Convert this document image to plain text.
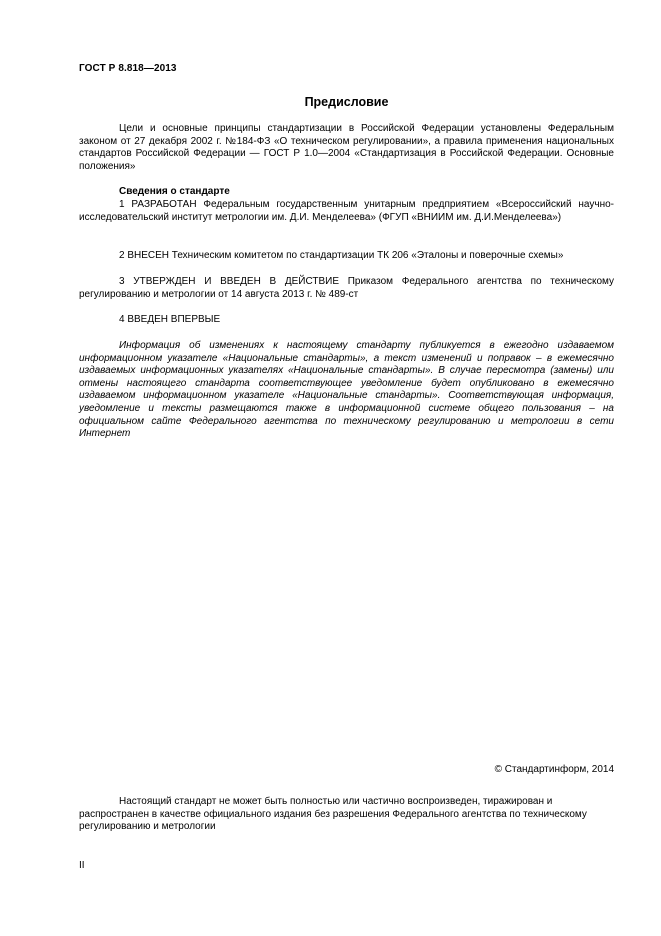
ГОСТ Р 8.818—2013
Предисловие

Цели и основные принципы стандартизации в Российской Федерации установлены Федеральным законом от 27 декабря 2002 г. №184-ФЗ «О техническом регулировании», а правила применения национальных стандартов Российской Федерации — ГОСТ Р 1.0—2004 «Стандартизация в Российской Федерации. Основные положения»

Сведения о стандарте

1 РАЗРАБОТАН Федеральным государственным унитарным предприятием «Всероссийский научно-исследовательский институт метрологии им. Д.И. Менделеева» (ФГУП «ВНИИМ им. Д.И.Менделеева»)

2 ВНЕСЕН Техническим комитетом по стандартизации ТК 206 «Эталоны и поверочные схемы»

3 УТВЕРЖДЕН И ВВЕДЕН В ДЕЙСТВИЕ Приказом Федерального агентства по техническому регулированию и метрологии от 14 августа 2013 г. № 489-ст

4 ВВЕДЕН ВПЕРВЫЕ

Информация об изменениях к настоящему стандарту публикуется в ежегодно издаваемом информационном указателе «Национальные стандарты», а текст изменений и поправок – в ежемесячно издаваемых информационных указателях «Национальные стандарты». В случае пересмотра (замены) или отмены настоящего стандарта соответствующее уведомление будет опубликовано в ежемесячно издаваемом информационном указателе «Национальные стандарты». Соответствующая информация, уведомление и тексты размещаются также в информационной системе общего пользования – на официальном сайте Федерального агентства по техническому регулированию и метрологии в сети Интернет

© Стандартинформ, 2014

Настоящий стандарт не может быть полностью или частично воспроизведен, тиражирован и распространен в качестве официального издания без разрешения Федерального агентства по техническому регулированию и метрологии

II
